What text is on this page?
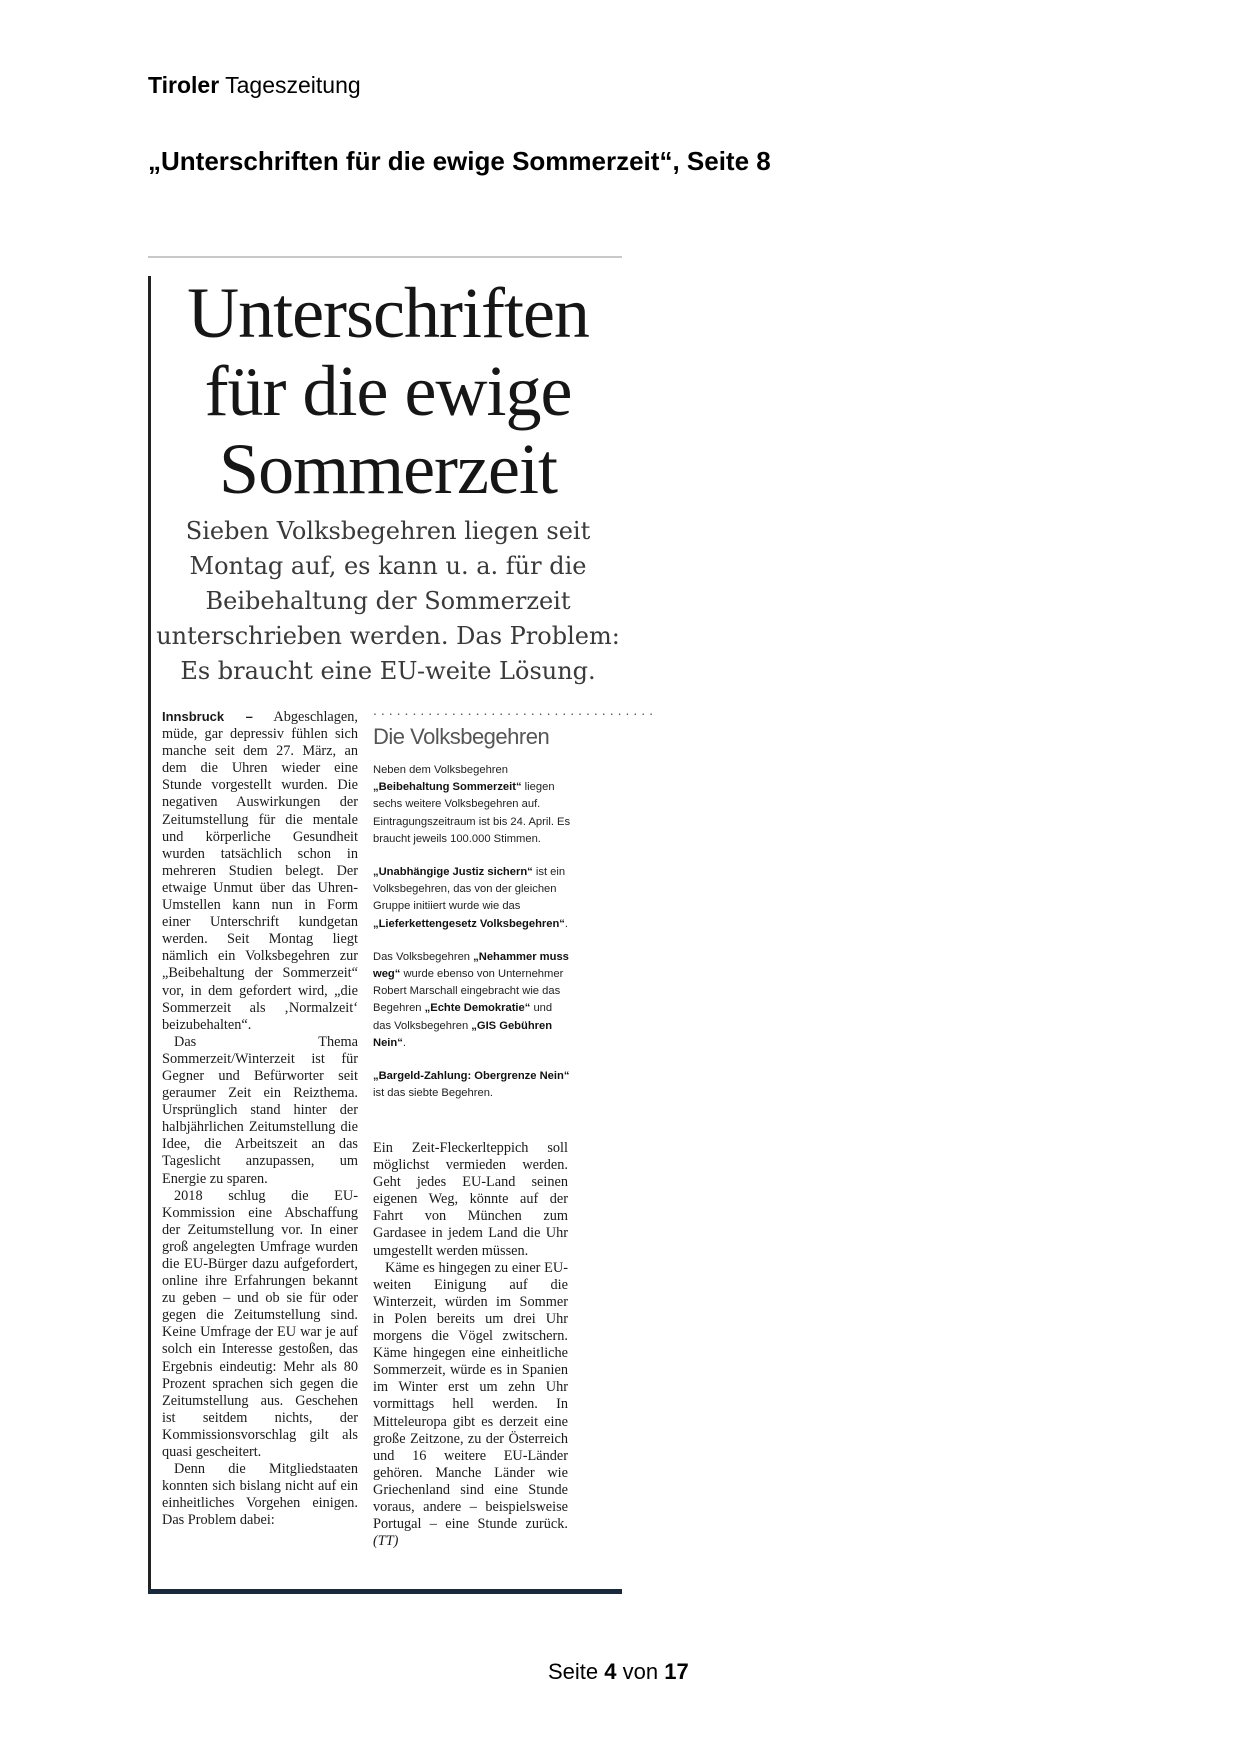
Tiroler Tageszeitung
„Unterschriften für die ewige Sommerzeit“, Seite 8
Unterschriften für die ewige Sommerzeit
Sieben Volksbegehren liegen seit Montag auf, es kann u. a. für die Beibehaltung der Sommerzeit unterschrieben werden. Das Problem: Es braucht eine EU-weite Lösung.

Innsbruck – Abgeschlagen, müde, gar depressiv fühlen sich manche seit dem 27. März, an dem die Uhren wieder eine Stunde vorgestellt wurden. Die negativen Auswirkungen der Zeitumstellung für die mentale und körperliche Gesundheit wurden tatsächlich schon in mehreren Studien belegt. Der etwaige Unmut über das Uhren-Umstellen kann nun in Form einer Unterschrift kundgetan werden. Seit Montag liegt nämlich ein Volksbegehren zur „Beibehaltung der Sommerzeit“ vor, in dem gefordert wird, „die Sommerzeit als ‚Normalzeit‘ beizubehalten“.

Das Thema Sommerzeit/Winterzeit ist für Gegner und Befürworter seit geraumer Zeit ein Reizthema. Ursprünglich stand hinter der halbjährlichen Zeitumstellung die Idee, die Arbeitszeit an das Tageslicht anzupassen, um Energie zu sparen.

2018 schlug die EU-Kommission eine Abschaffung der Zeitumstellung vor. In einer groß angelegten Umfrage wurden die EU-Bürger dazu aufgefordert, online ihre Erfahrungen bekannt zu geben – und ob sie für oder gegen die Zeitumstellung sind. Keine Umfrage der EU war je auf solch ein Interesse gestoßen, das Ergebnis eindeutig: Mehr als 80 Prozent sprachen sich gegen die Zeitumstellung aus. Geschehen ist seitdem nichts, der Kommissionsvorschlag gilt als quasi gescheitert.

Denn die Mitgliedstaaten konnten sich bislang nicht auf ein einheitliches Vorgehen einigen. Das Problem dabei:

....................................
Die Volksbegehren

Neben dem Volksbegehren „Beibehaltung Sommerzeit“ liegen sechs weitere Volksbegehren auf. Eintragungszeitraum ist bis 24. April. Es braucht jeweils 100.000 Stimmen.

„Unabhängige Justiz sichern“ ist ein Volksbegehren, das von der gleichen Gruppe initiiert wurde wie das „Lieferkettengesetz Volksbegehren“.

Das Volksbegehren „Nehammer muss weg“ wurde ebenso von Unternehmer Robert Marschall eingebracht wie das Begehren „Echte Demokratie“ und das Volksbegehren „GIS Gebühren Nein“.

„Bargeld-Zahlung: Obergrenze Nein“ ist das siebte Begehren.

Ein Zeit-Fleckerlteppich soll möglichst vermieden werden. Geht jedes EU-Land seinen eigenen Weg, könnte auf der Fahrt von München zum Gardasee in jedem Land die Uhr umgestellt werden müssen.

Käme es hingegen zu einer EU-weiten Einigung auf die Winterzeit, würden im Sommer in Polen bereits um drei Uhr morgens die Vögel zwitschern. Käme hingegen eine einheitliche Sommerzeit, würde es in Spanien im Winter erst um zehn Uhr vormittags hell werden. In Mitteleuropa gibt es derzeit eine große Zeitzone, zu der Österreich und 16 weitere EU-Länder gehören. Manche Länder wie Griechenland sind eine Stunde voraus, andere – beispielsweise Portugal – eine Stunde zurück. (TT)

Seite 4 von 17
